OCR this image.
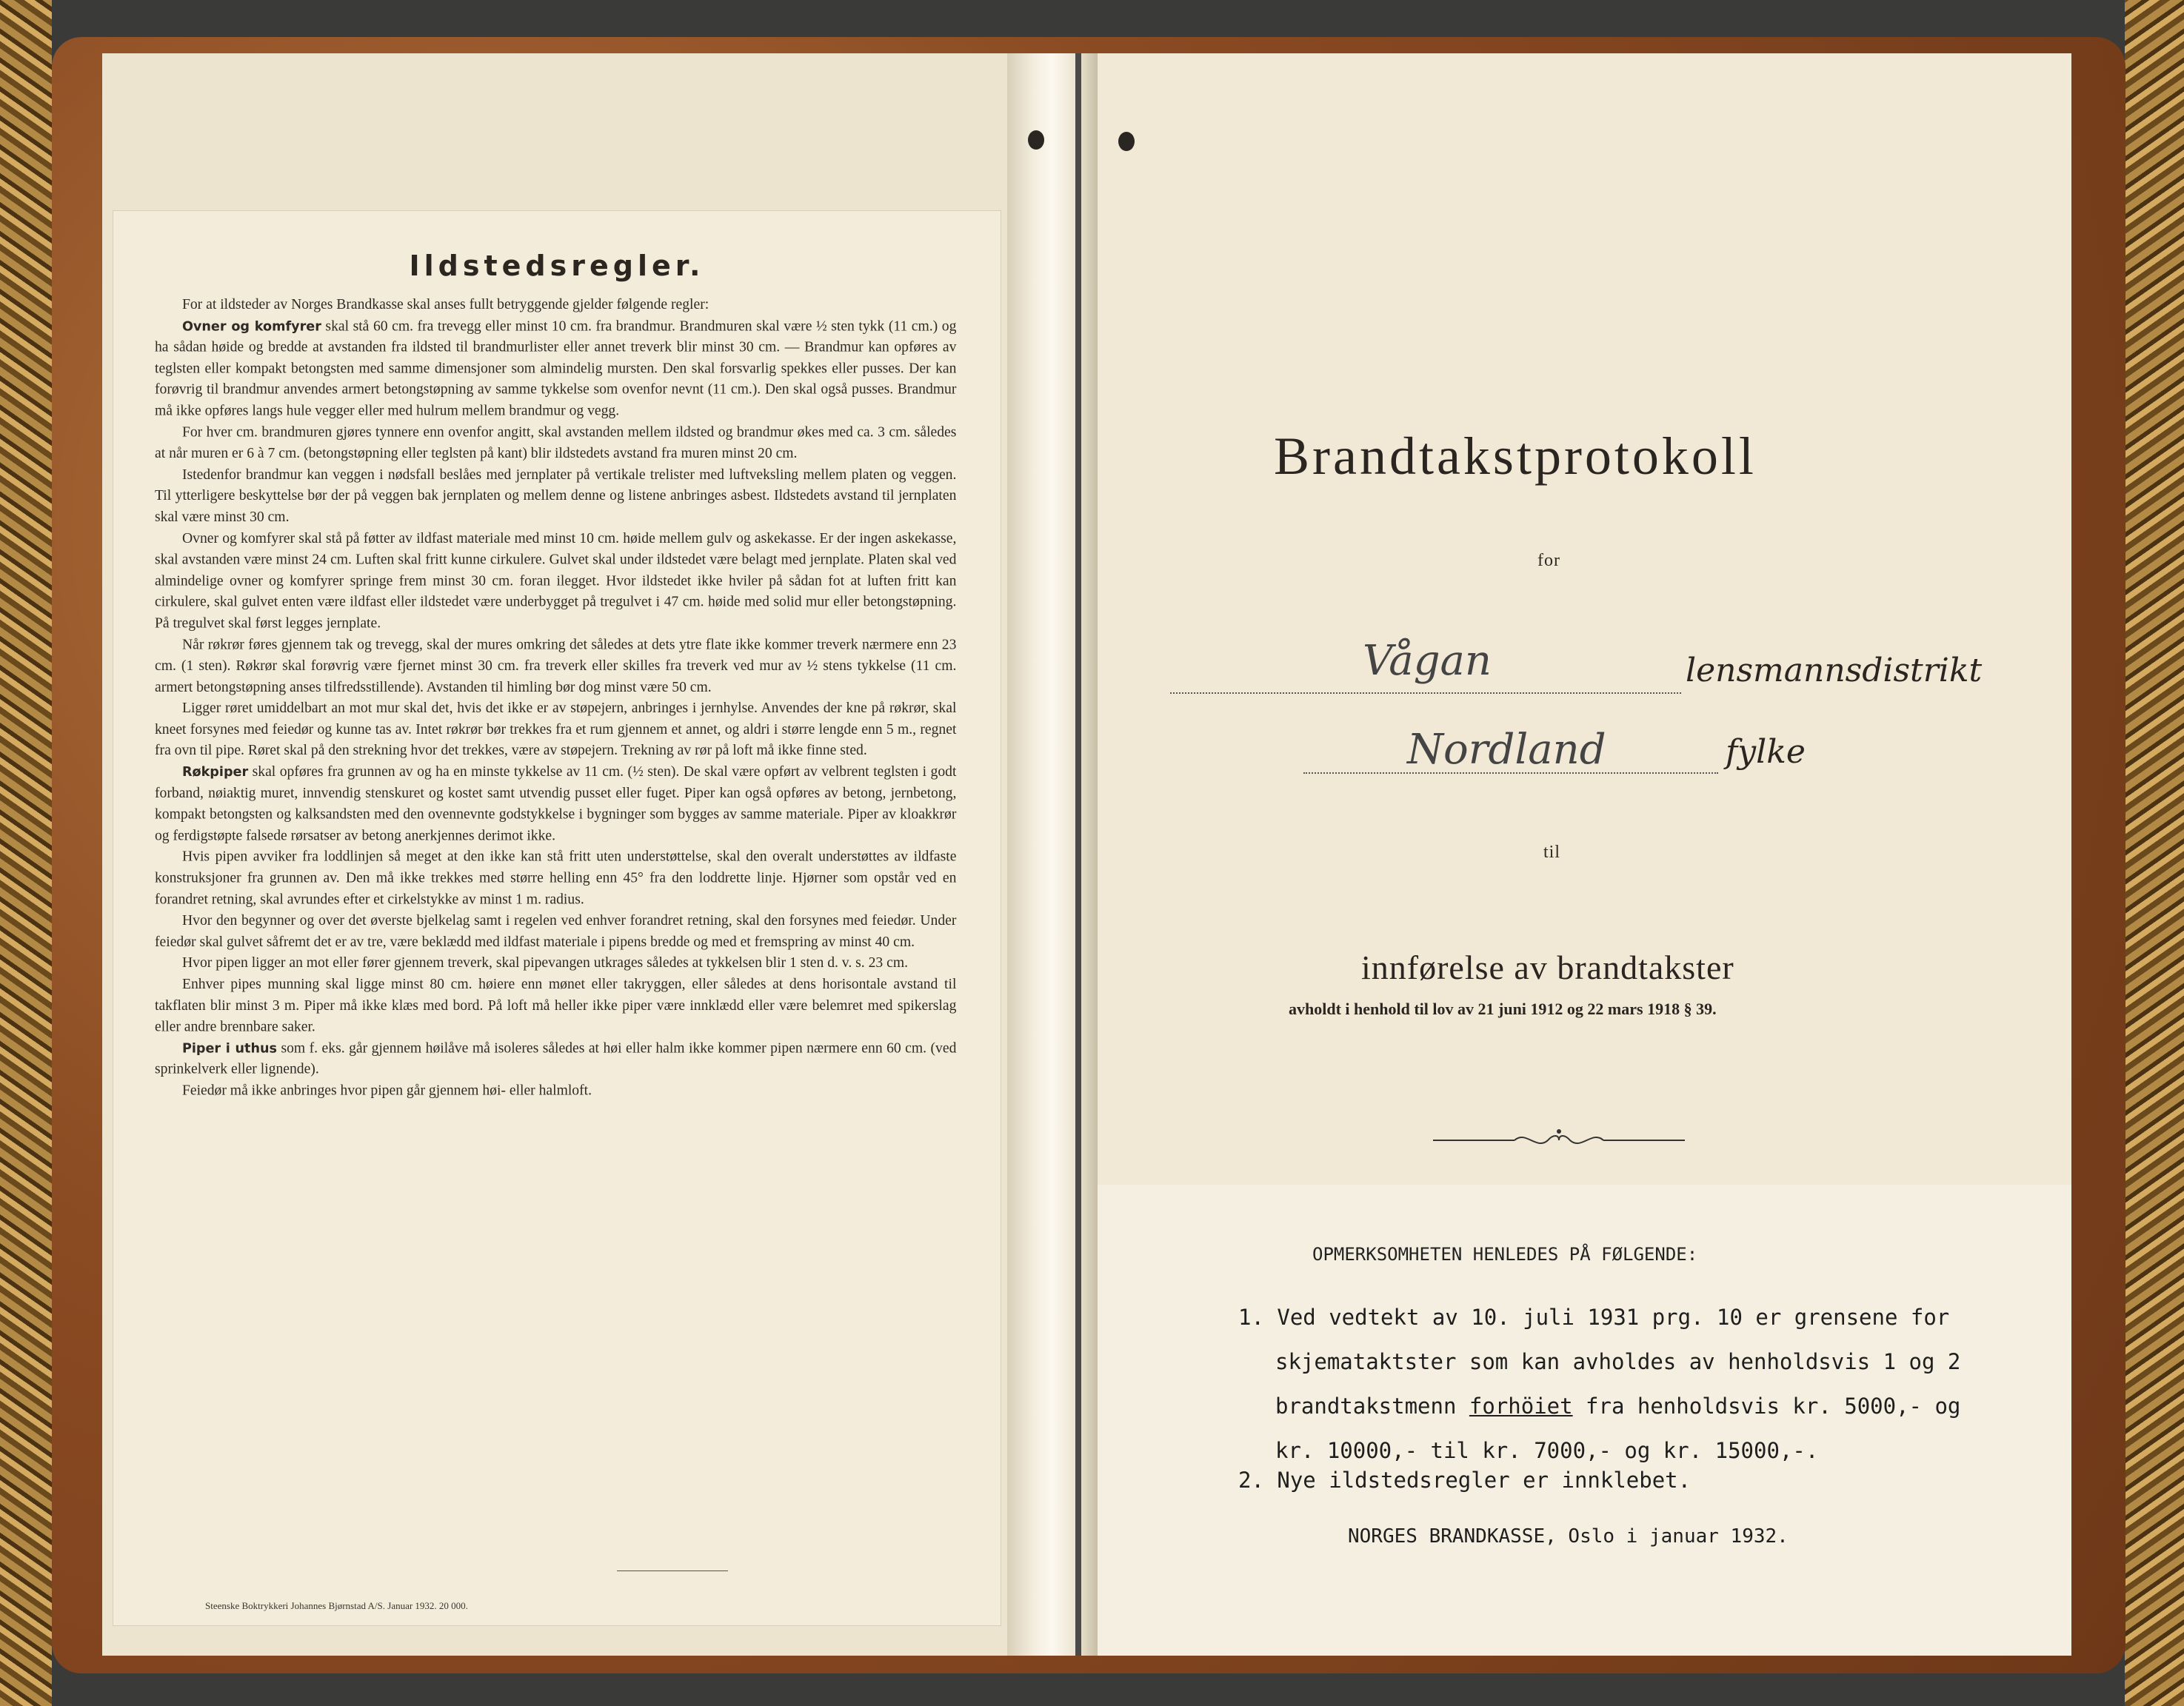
Ildstedsregler.

For at ildsteder av Norges Brandkasse skal anses fullt betryggende gjelder følgende regler:

Ovner og komfyrer skal stå 60 cm. fra trevegg eller minst 10 cm. fra brandmur. Brandmuren skal være ½ sten tykk (11 cm.) og ha sådan høide og bredde at avstanden fra ildsted til brandmurlister eller annet treverk blir minst 30 cm. — Brandmur kan opføres av teglsten eller kompakt betongsten med samme dimensjoner som almindelig mursten. Den skal forsvarlig spekkes eller pusses. Der kan forøvrig til brandmur anvendes armert betongstøpning av samme tykkelse som ovenfor nevnt (11 cm.). Den skal også pusses. Brandmur må ikke opføres langs hule vegger eller med hulrum mellem brandmur og vegg.

For hver cm. brandmuren gjøres tynnere enn ovenfor angitt, skal avstanden mellem ildsted og brandmur økes med ca. 3 cm. således at når muren er 6 à 7 cm. (betongstøpning eller teglsten på kant) blir ildstedets avstand fra muren minst 20 cm.

Istedenfor brandmur kan veggen i nødsfall beslåes med jernplater på vertikale trelister med luftveksling mellem platen og veggen. Til ytterligere beskyttelse bør der på veggen bak jernplaten og mellem denne og listene anbringes asbest. Ildstedets avstand til jernplaten skal være minst 30 cm.

Ovner og komfyrer skal stå på føtter av ildfast materiale med minst 10 cm. høide mellem gulv og askekasse. Er der ingen askekasse, skal avstanden være minst 24 cm. Luften skal fritt kunne cirkulere. Gulvet skal under ildstedet være belagt med jernplate. Platen skal ved almindelige ovner og komfyrer springe frem minst 30 cm. foran ilegget. Hvor ildstedet ikke hviler på sådan fot at luften fritt kan cirkulere, skal gulvet enten være ildfast eller ildstedet være underbygget på tregulvet i 47 cm. høide med solid mur eller betongstøpning. På tregulvet skal først legges jernplate.

Når røkrør føres gjennem tak og trevegg, skal der mures omkring det således at dets ytre flate ikke kommer treverk nærmere enn 23 cm. (1 sten). Røkrør skal forøvrig være fjernet minst 30 cm. fra treverk eller skilles fra treverk ved mur av ½ stens tykkelse (11 cm. armert betongstøpning anses tilfredsstillende). Avstanden til himling bør dog minst være 50 cm.

Ligger røret umiddelbart an mot mur skal det, hvis det ikke er av støpejern, anbringes i jernhylse. Anvendes der kne på røkrør, skal kneet forsynes med feiedør og kunne tas av. Intet røkrør bør trekkes fra et rum gjennem et annet, og aldri i større lengde enn 5 m., regnet fra ovn til pipe. Røret skal på den strekning hvor det trekkes, være av støpejern. Trekning av rør på loft må ikke finne sted.

Røkpiper skal opføres fra grunnen av og ha en minste tykkelse av 11 cm. (½ sten). De skal være opført av velbrent teglsten i godt forband, nøiaktig muret, innvendig stenskuret og kostet samt utvendig pusset eller fuget. Piper kan også opføres av betong, jernbetong, kompakt betongsten og kalksandsten med den ovennevnte godstykkelse i bygninger som bygges av samme materiale. Piper av kloakkrør og ferdigstøpte falsede rørsatser av betong anerkjennes derimot ikke.

Hvis pipen avviker fra loddlinjen så meget at den ikke kan stå fritt uten understøttelse, skal den overalt understøttes av ildfaste konstruksjoner fra grunnen av. Den må ikke trekkes med større helling enn 45° fra den loddrette linje. Hjørner som opstår ved en forandret retning, skal avrundes efter et cirkelstykke av minst 1 m. radius.

Hvor den begynner og over det øverste bjelkelag samt i regelen ved enhver forandret retning, skal den forsynes med feiedør. Under feiedør skal gulvet såfremt det er av tre, være beklædd med ildfast materiale i pipens bredde og med et fremspring av minst 40 cm.

Hvor pipen ligger an mot eller fører gjennem treverk, skal pipevangen utkrages således at tykkelsen blir 1 sten d. v. s. 23 cm.

Enhver pipes munning skal ligge minst 80 cm. høiere enn mønet eller takryggen, eller således at dens horisontale avstand til takflaten blir minst 3 m. Piper må ikke klæs med bord. På loft må heller ikke piper være innklædd eller være belemret med spikerslag eller andre brennbare saker.

Piper i uthus som f. eks. går gjennem høilåve må isoleres således at høi eller halm ikke kommer pipen nærmere enn 60 cm. (ved sprinkelverk eller lignende).

Feiedør må ikke anbringes hvor pipen går gjennem høi- eller halmloft.

Steenske Boktrykkeri Johannes Bjørnstad A/S. Januar 1932. 20 000.
Brandtakstprotokoll
for
Vågan	lensmannsdistrikt
Nordland	fylke
til
innførelse av brandtakster
avholdt i henhold til lov av 21 juni 1912 og 22 mars 1918 § 39.
OPMERKSOMHETEN HENLEDES PÅ FØLGENDE:
1. Ved vedtekt av 10. juli 1931 prg. 10 er grensene for
skjemataktster som kan avholdes av henholdsvis 1 og 2
brandtakstmenn forhöiet fra henholdsvis kr. 5000,- og
kr. 10000,- til kr. 7000,- og kr. 15000,-.
2. Nye ildstedsregler er innklebet.
NORGES BRANDKASSE, Oslo i januar 1932.
